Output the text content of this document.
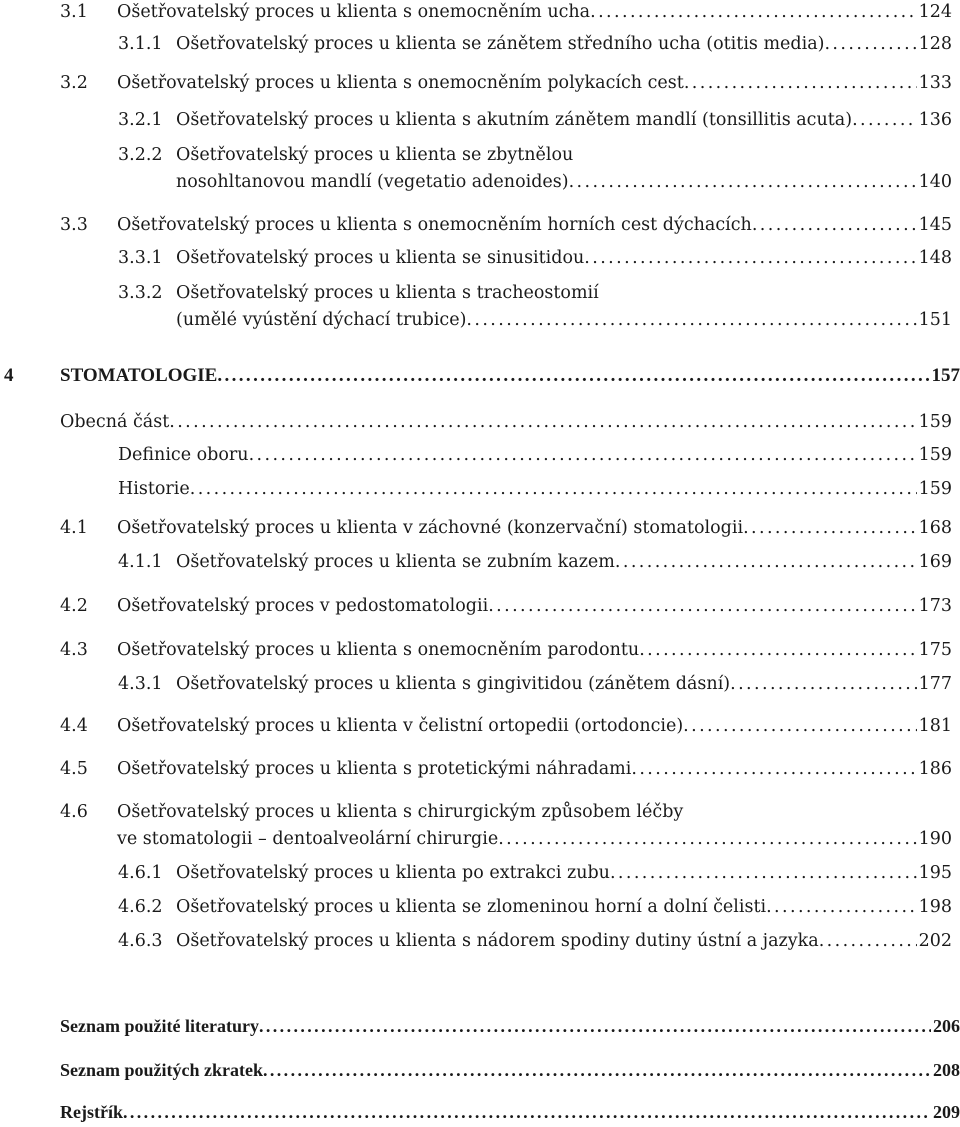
3.1	Ošetřovatelský proces u klienta s onemocněním ucha .....	124
3.1.1 Ošetřovatelský proces u klienta se zánětem středního ucha (otitis media) .....	128
3.2	Ošetřovatelský proces u klienta s onemocněním polykacích cest .....	133
3.2.1 Ošetřovatelský proces u klienta s akutním zánětem mandlí (tonsillitis acuta) .....	136
3.2.2 Ošetřovatelský proces u klienta se zbytnělou
nosohltanovou mandlí (vegetatio adenoides) .....	140
3.3	Ošetřovatelský proces u klienta s onemocněním horních cest dýchacích .....	145
3.3.1 Ošetřovatelský proces u klienta se sinusitidou .....	148
3.3.2 Ošetřovatelský proces u klienta s tracheostomií
(umělé vyústění dýchací trubice) .....	151
4	STOMATOLOGIE .....	157
Obecná část .....	159
Definice oboru .....	159
Historie .....	159
4.1	Ošetřovatelský proces u klienta v záchovné (konzervační) stomatologii .....	168
4.1.1 Ošetřovatelský proces u klienta se zubním kazem .....	169
4.2	Ošetřovatelský proces v pedostomatologii .....	173
4.3	Ošetřovatelský proces u klienta s onemocněním parodontu .....	175
4.3.1 Ošetřovatelský proces u klienta s gingivitidou (zánětem dásní) .....	177
4.4	Ošetřovatelský proces u klienta v čelistní ortopedii (ortodoncie) .....	181
4.5	Ošetřovatelský proces u klienta s protetickými náhradami .....	186
4.6 Ošetřovatelský proces u klienta s chirurgickým způsobem léčby
ve stomatologii – dentoalveolární chirurgie .....	190
4.6.1 Ošetřovatelský proces u klienta po extrakci zubu .....	195
4.6.2 Ošetřovatelský proces u klienta se zlomeninou horní a dolní čelisti .....	198
4.6.3 Ošetřovatelský proces u klienta s nádorem spodiny dutiny ústní a jazyka .....	202
Seznam použité literatury .....	206
Seznam použitých zkratek .....	208
Rejstřík .....	209
